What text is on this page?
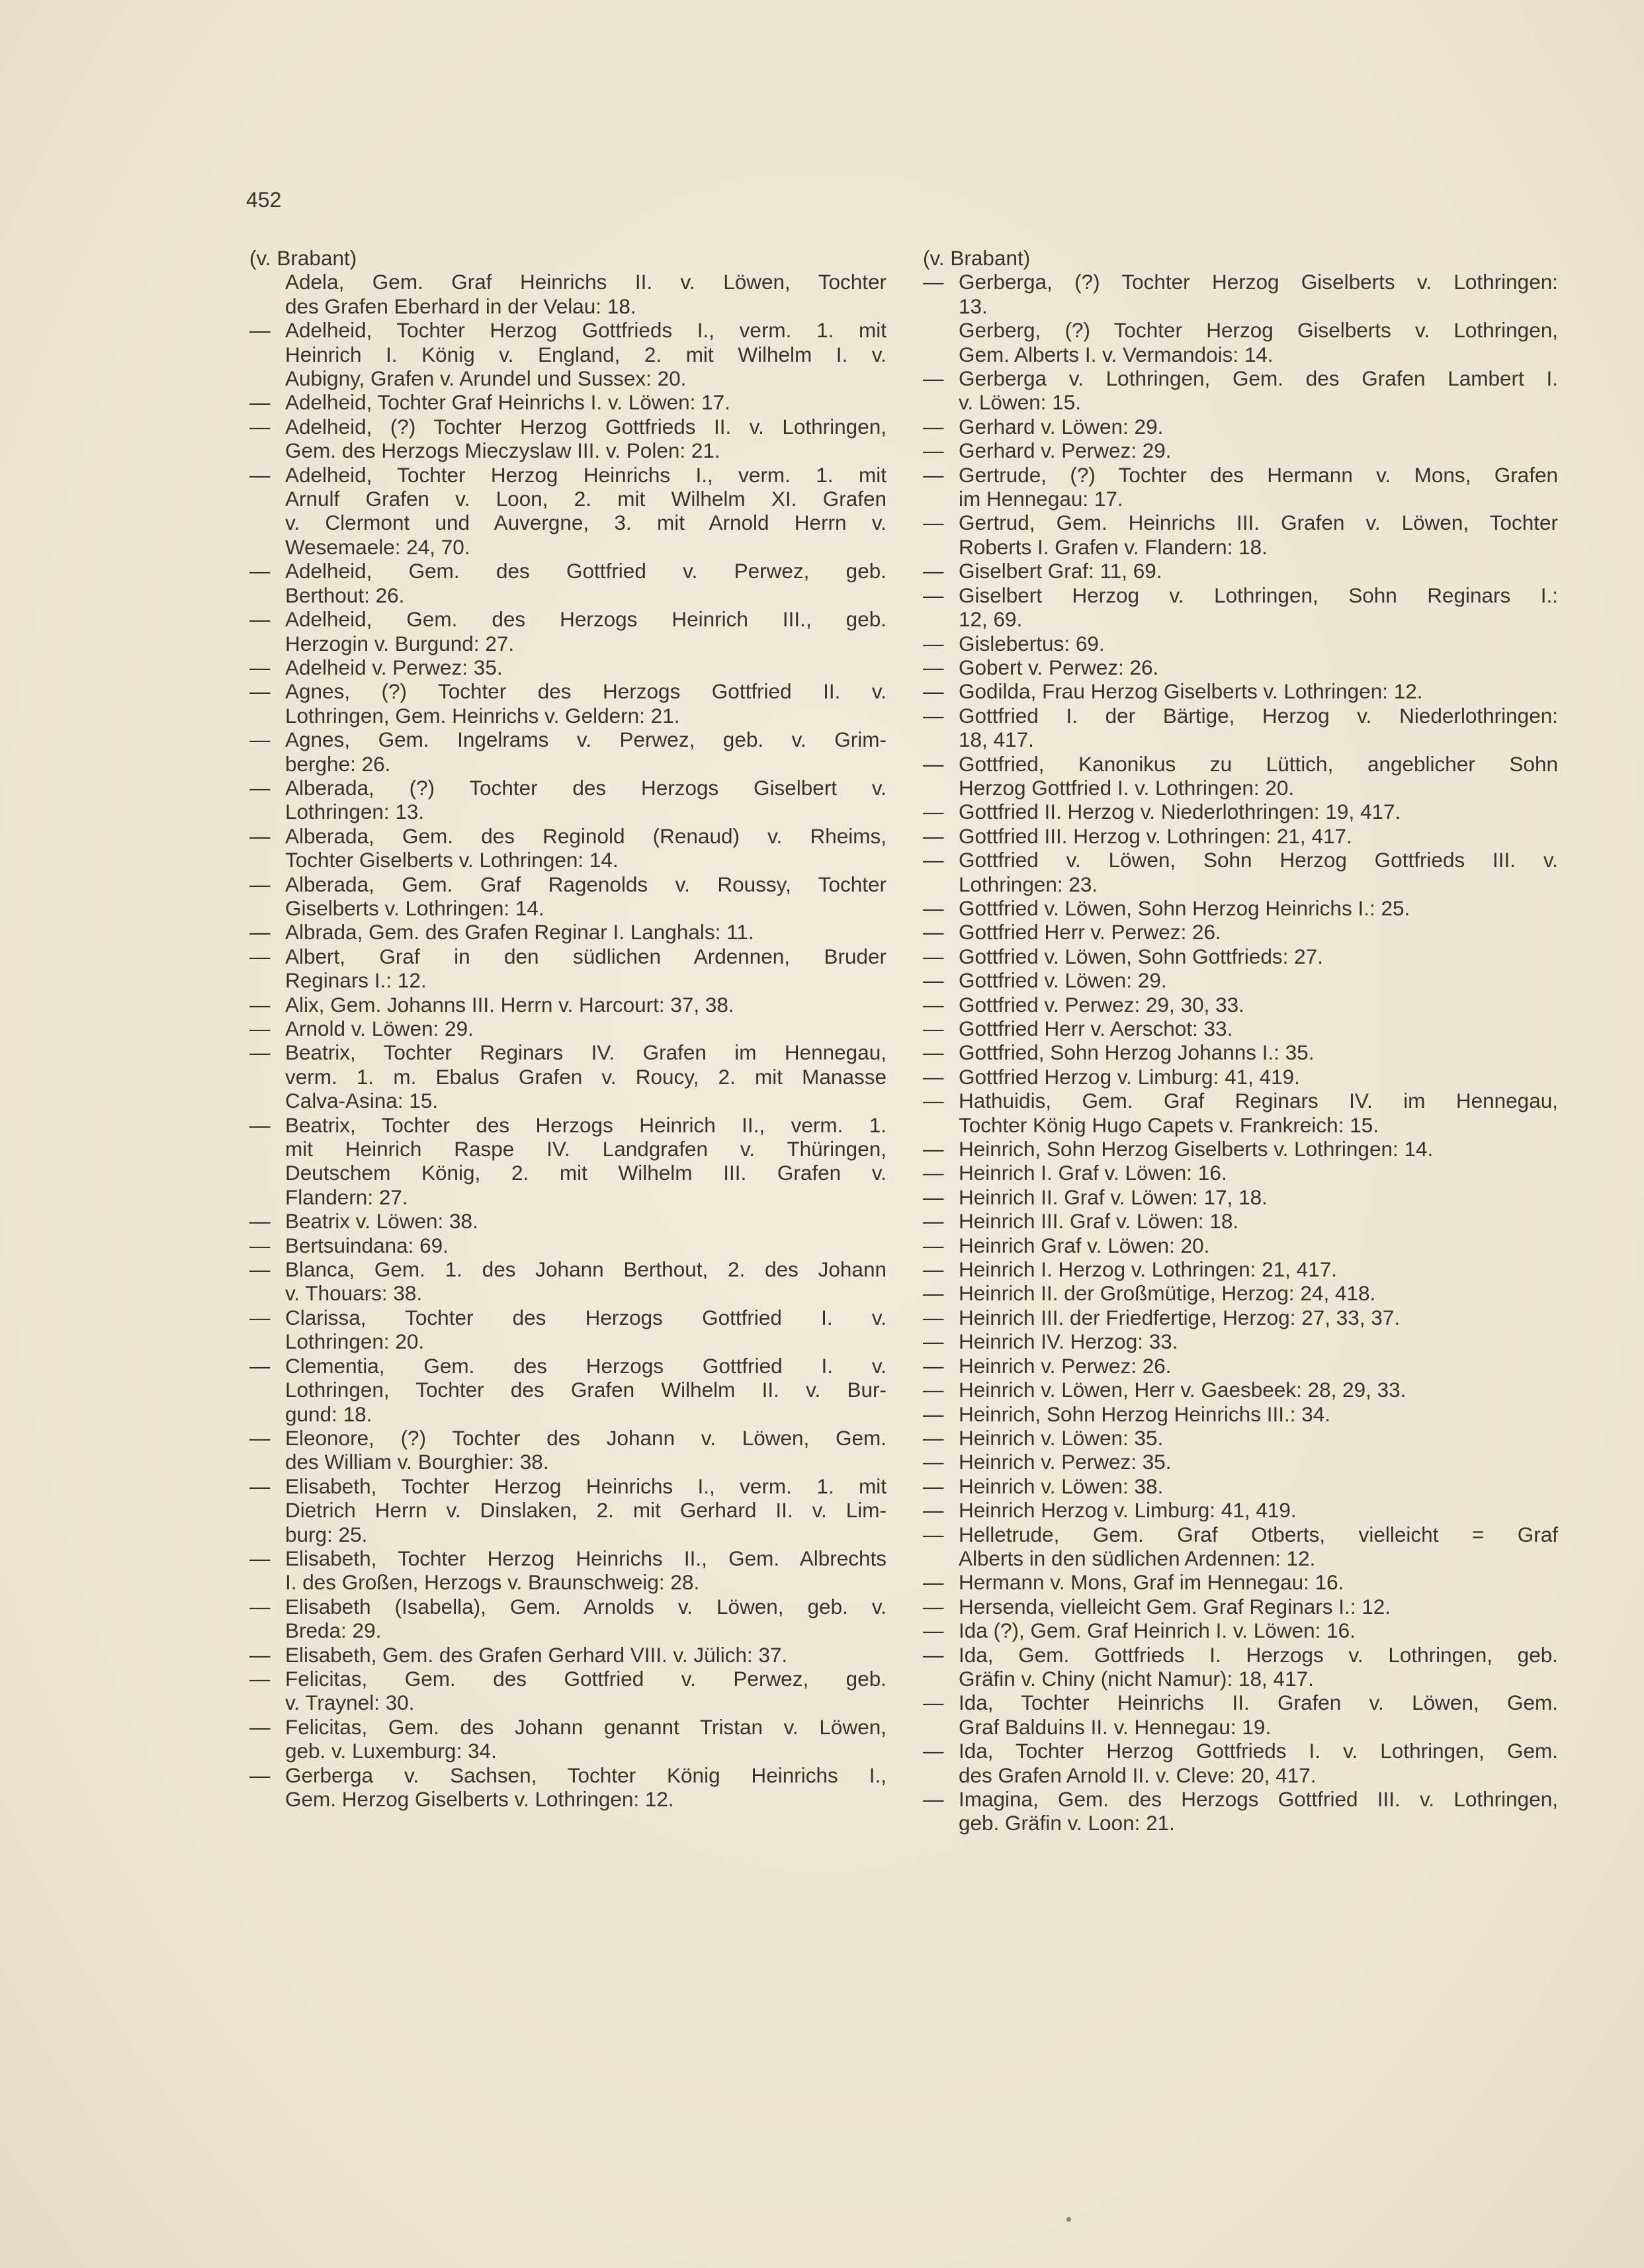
452
(v. Brabant)
Adela, Gem. Graf Heinrichs II. v. Löwen, Tochter
des Grafen Eberhard in der Velau: 18.
— Adelheid, Tochter Herzog Gottfrieds I., verm. 1. mit
Heinrich I. König v. England, 2. mit Wilhelm I. v.
Aubigny, Grafen v. Arundel und Sussex: 20.
— Adelheid, Tochter Graf Heinrichs I. v. Löwen: 17.
— Adelheid, (?) Tochter Herzog Gottfrieds II. v. Lothringen,
Gem. des Herzogs Mieczyslaw III. v. Polen: 21.
— Adelheid, Tochter Herzog Heinrichs I., verm. 1. mit
Arnulf Grafen v. Loon, 2. mit Wilhelm XI. Grafen
v. Clermont und Auvergne, 3. mit Arnold Herrn v.
Wesemaele: 24, 70.
— Adelheid, Gem. des Gottfried v. Perwez, geb.
Berthout: 26.
— Adelheid, Gem. des Herzogs Heinrich III., geb.
Herzogin v. Burgund: 27.
— Adelheid v. Perwez: 35.
— Agnes, (?) Tochter des Herzogs Gottfried II. v.
Lothringen, Gem. Heinrichs v. Geldern: 21.
— Agnes, Gem. Ingelrams v. Perwez, geb. v. Grim-
berghe: 26.
— Alberada, (?) Tochter des Herzogs Giselbert v.
Lothringen: 13.
— Alberada, Gem. des Reginold (Renaud) v. Rheims,
Tochter Giselberts v. Lothringen: 14.
— Alberada, Gem. Graf Ragenolds v. Roussy, Tochter
Giselberts v. Lothringen: 14.
— Albrada, Gem. des Grafen Reginar I. Langhals: 11.
— Albert, Graf in den südlichen Ardennen, Bruder
Reginars I.: 12.
— Alix, Gem. Johanns III. Herrn v. Harcourt: 37, 38.
— Arnold v. Löwen: 29.
— Beatrix, Tochter Reginars IV. Grafen im Hennegau,
verm. 1. m. Ebalus Grafen v. Roucy, 2. mit Manasse
Calva-Asina: 15.
— Beatrix, Tochter des Herzogs Heinrich II., verm. 1.
mit Heinrich Raspe IV. Landgrafen v. Thüringen,
Deutschem König, 2. mit Wilhelm III. Grafen v.
Flandern: 27.
— Beatrix v. Löwen: 38.
— Bertsuindana: 69.
— Blanca, Gem. 1. des Johann Berthout, 2. des Johann
v. Thouars: 38.
— Clarissa, Tochter des Herzogs Gottfried I. v.
Lothringen: 20.
— Clementia, Gem. des Herzogs Gottfried I. v.
Lothringen, Tochter des Grafen Wilhelm II. v. Bur-
gund: 18.
— Eleonore, (?) Tochter des Johann v. Löwen, Gem.
des William v. Bourghier: 38.
— Elisabeth, Tochter Herzog Heinrichs I., verm. 1. mit
Dietrich Herrn v. Dinslaken, 2. mit Gerhard II. v. Lim-
burg: 25.
— Elisabeth, Tochter Herzog Heinrichs II., Gem. Albrechts
I. des Großen, Herzogs v. Braunschweig: 28.
— Elisabeth (Isabella), Gem. Arnolds v. Löwen, geb. v.
Breda: 29.
— Elisabeth, Gem. des Grafen Gerhard VIII. v. Jülich: 37.
— Felicitas, Gem. des Gottfried v. Perwez, geb.
v. Traynel: 30.
— Felicitas, Gem. des Johann genannt Tristan v. Löwen,
geb. v. Luxemburg: 34.
— Gerberga v. Sachsen, Tochter König Heinrichs I.,
Gem. Herzog Giselberts v. Lothringen: 12.
(v. Brabant)
— Gerberga, (?) Tochter Herzog Giselberts v. Lothringen:
13.
Gerberg, (?) Tochter Herzog Giselberts v. Lothringen,
Gem. Alberts I. v. Vermandois: 14.
— Gerberga v. Lothringen, Gem. des Grafen Lambert I.
v. Löwen: 15.
— Gerhard v. Löwen: 29.
— Gerhard v. Perwez: 29.
— Gertrude, (?) Tochter des Hermann v. Mons, Grafen
im Hennegau: 17.
— Gertrud, Gem. Heinrichs III. Grafen v. Löwen, Tochter
Roberts I. Grafen v. Flandern: 18.
— Giselbert Graf: 11, 69.
— Giselbert Herzog v. Lothringen, Sohn Reginars I.:
12, 69.
— Gislebertus: 69.
— Gobert v. Perwez: 26.
— Godilda, Frau Herzog Giselberts v. Lothringen: 12.
— Gottfried I. der Bärtige, Herzog v. Niederlothringen:
18, 417.
— Gottfried, Kanonikus zu Lüttich, angeblicher Sohn
Herzog Gottfried I. v. Lothringen: 20.
— Gottfried II. Herzog v. Niederlothringen: 19, 417.
— Gottfried III. Herzog v. Lothringen: 21, 417.
— Gottfried v. Löwen, Sohn Herzog Gottfrieds III. v.
Lothringen: 23.
— Gottfried v. Löwen, Sohn Herzog Heinrichs I.: 25.
— Gottfried Herr v. Perwez: 26.
— Gottfried v. Löwen, Sohn Gottfrieds: 27.
— Gottfried v. Löwen: 29.
— Gottfried v. Perwez: 29, 30, 33.
— Gottfried Herr v. Aerschot: 33.
— Gottfried, Sohn Herzog Johanns I.: 35.
— Gottfried Herzog v. Limburg: 41, 419.
— Hathuidis, Gem. Graf Reginars IV. im Hennegau,
Tochter König Hugo Capets v. Frankreich: 15.
— Heinrich, Sohn Herzog Giselberts v. Lothringen: 14.
— Heinrich I. Graf v. Löwen: 16.
— Heinrich II. Graf v. Löwen: 17, 18.
— Heinrich III. Graf v. Löwen: 18.
— Heinrich Graf v. Löwen: 20.
— Heinrich I. Herzog v. Lothringen: 21, 417.
— Heinrich II. der Großmütige, Herzog: 24, 418.
— Heinrich III. der Friedfertige, Herzog: 27, 33, 37.
— Heinrich IV. Herzog: 33.
— Heinrich v. Perwez: 26.
— Heinrich v. Löwen, Herr v. Gaesbeek: 28, 29, 33.
— Heinrich, Sohn Herzog Heinrichs III.: 34.
— Heinrich v. Löwen: 35.
— Heinrich v. Perwez: 35.
— Heinrich v. Löwen: 38.
— Heinrich Herzog v. Limburg: 41, 419.
— Helletrude, Gem. Graf Otberts, vielleicht = Graf
Alberts in den südlichen Ardennen: 12.
— Hermann v. Mons, Graf im Hennegau: 16.
— Hersenda, vielleicht Gem. Graf Reginars I.: 12.
— Ida (?), Gem. Graf Heinrich I. v. Löwen: 16.
— Ida, Gem. Gottfrieds I. Herzogs v. Lothringen, geb.
Gräfin v. Chiny (nicht Namur): 18, 417.
— Ida, Tochter Heinrichs II. Grafen v. Löwen, Gem.
Graf Balduins II. v. Hennegau: 19.
— Ida, Tochter Herzog Gottfrieds I. v. Lothringen, Gem.
des Grafen Arnold II. v. Cleve: 20, 417.
— Imagina, Gem. des Herzogs Gottfried III. v. Lothringen,
geb. Gräfin v. Loon: 21.
